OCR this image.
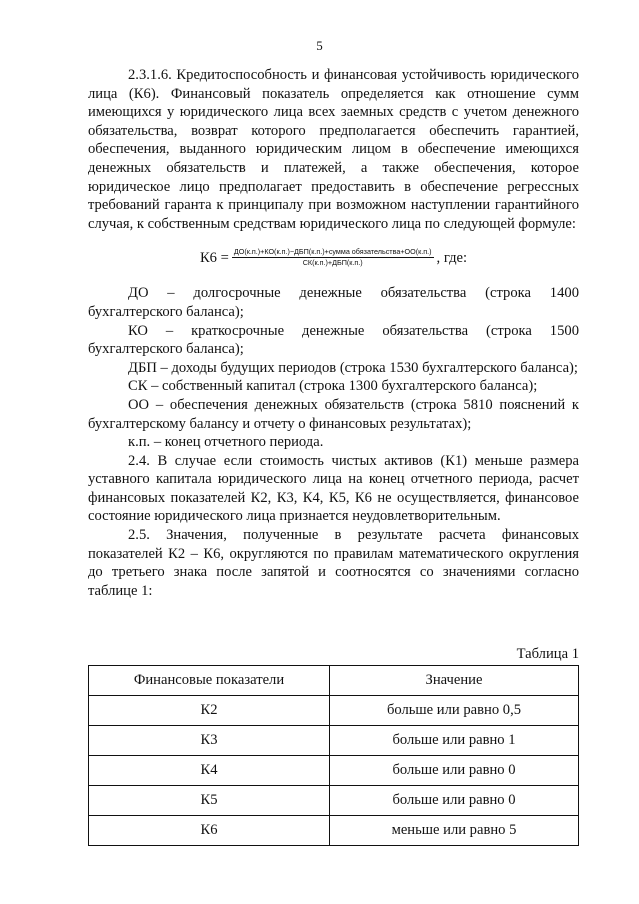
5

2.3.1.6. Кредитоспособность и финансовая устойчивость юридического лица (К6). Финансовый показатель определяется как отношение сумм имеющихся у юридического лица всех заемных средств с учетом денежного обязательства, возврат которого предполагается обеспечить гарантией, обеспечения, выданного юридическим лицом в обеспечение имеющихся денежных обязательств и платежей, а также обеспечения, которое юридическое лицо предполагает предоставить в обеспечение регрессных требований гаранта к принципалу при возможном наступлении гарантийного случая, к собственным средствам юридического лица по следующей формуле:

$К6 = \frac{\text{ДО(к.п.)+КО(к.п.)−ДБП(к.п.)+сумма обязательства+ОО(к.п.)}}{\text{СК(к.п.)+ДБП(к.п.)}}$ , где:

ДО – долгосрочные денежные обязательства (строка 1400 бухгалтерского баланса);

КО – краткосрочные денежные обязательства (строка 1500 бухгалтерского баланса);

ДБП – доходы будущих периодов (строка 1530 бухгалтерского баланса);

СК – собственный капитал (строка 1300 бухгалтерского баланса);

ОО – обеспечения денежных обязательств (строка 5810 пояснений к бухгалтерскому балансу и отчету о финансовых результатах);

к.п. – конец отчетного периода.

2.4. В случае если стоимость чистых активов (К1) меньше размера уставного капитала юридического лица на конец отчетного периода, расчет финансовых показателей К2, К3, К4, К5, К6 не осуществляется, финансовое состояние юридического лица признается неудовлетворительным.

2.5. Значения, полученные в результате расчета финансовых показателей К2 – К6, округляются по правилам математического округления до третьего знака после запятой и соотносятся со значениями согласно таблице 1:

Таблица 1
Финансовые показатели	Значение
К2	больше или равно 0,5
К3	больше или равно 1
К4	больше или равно 0
К5	больше или равно 0
К6	меньше или равно 5
